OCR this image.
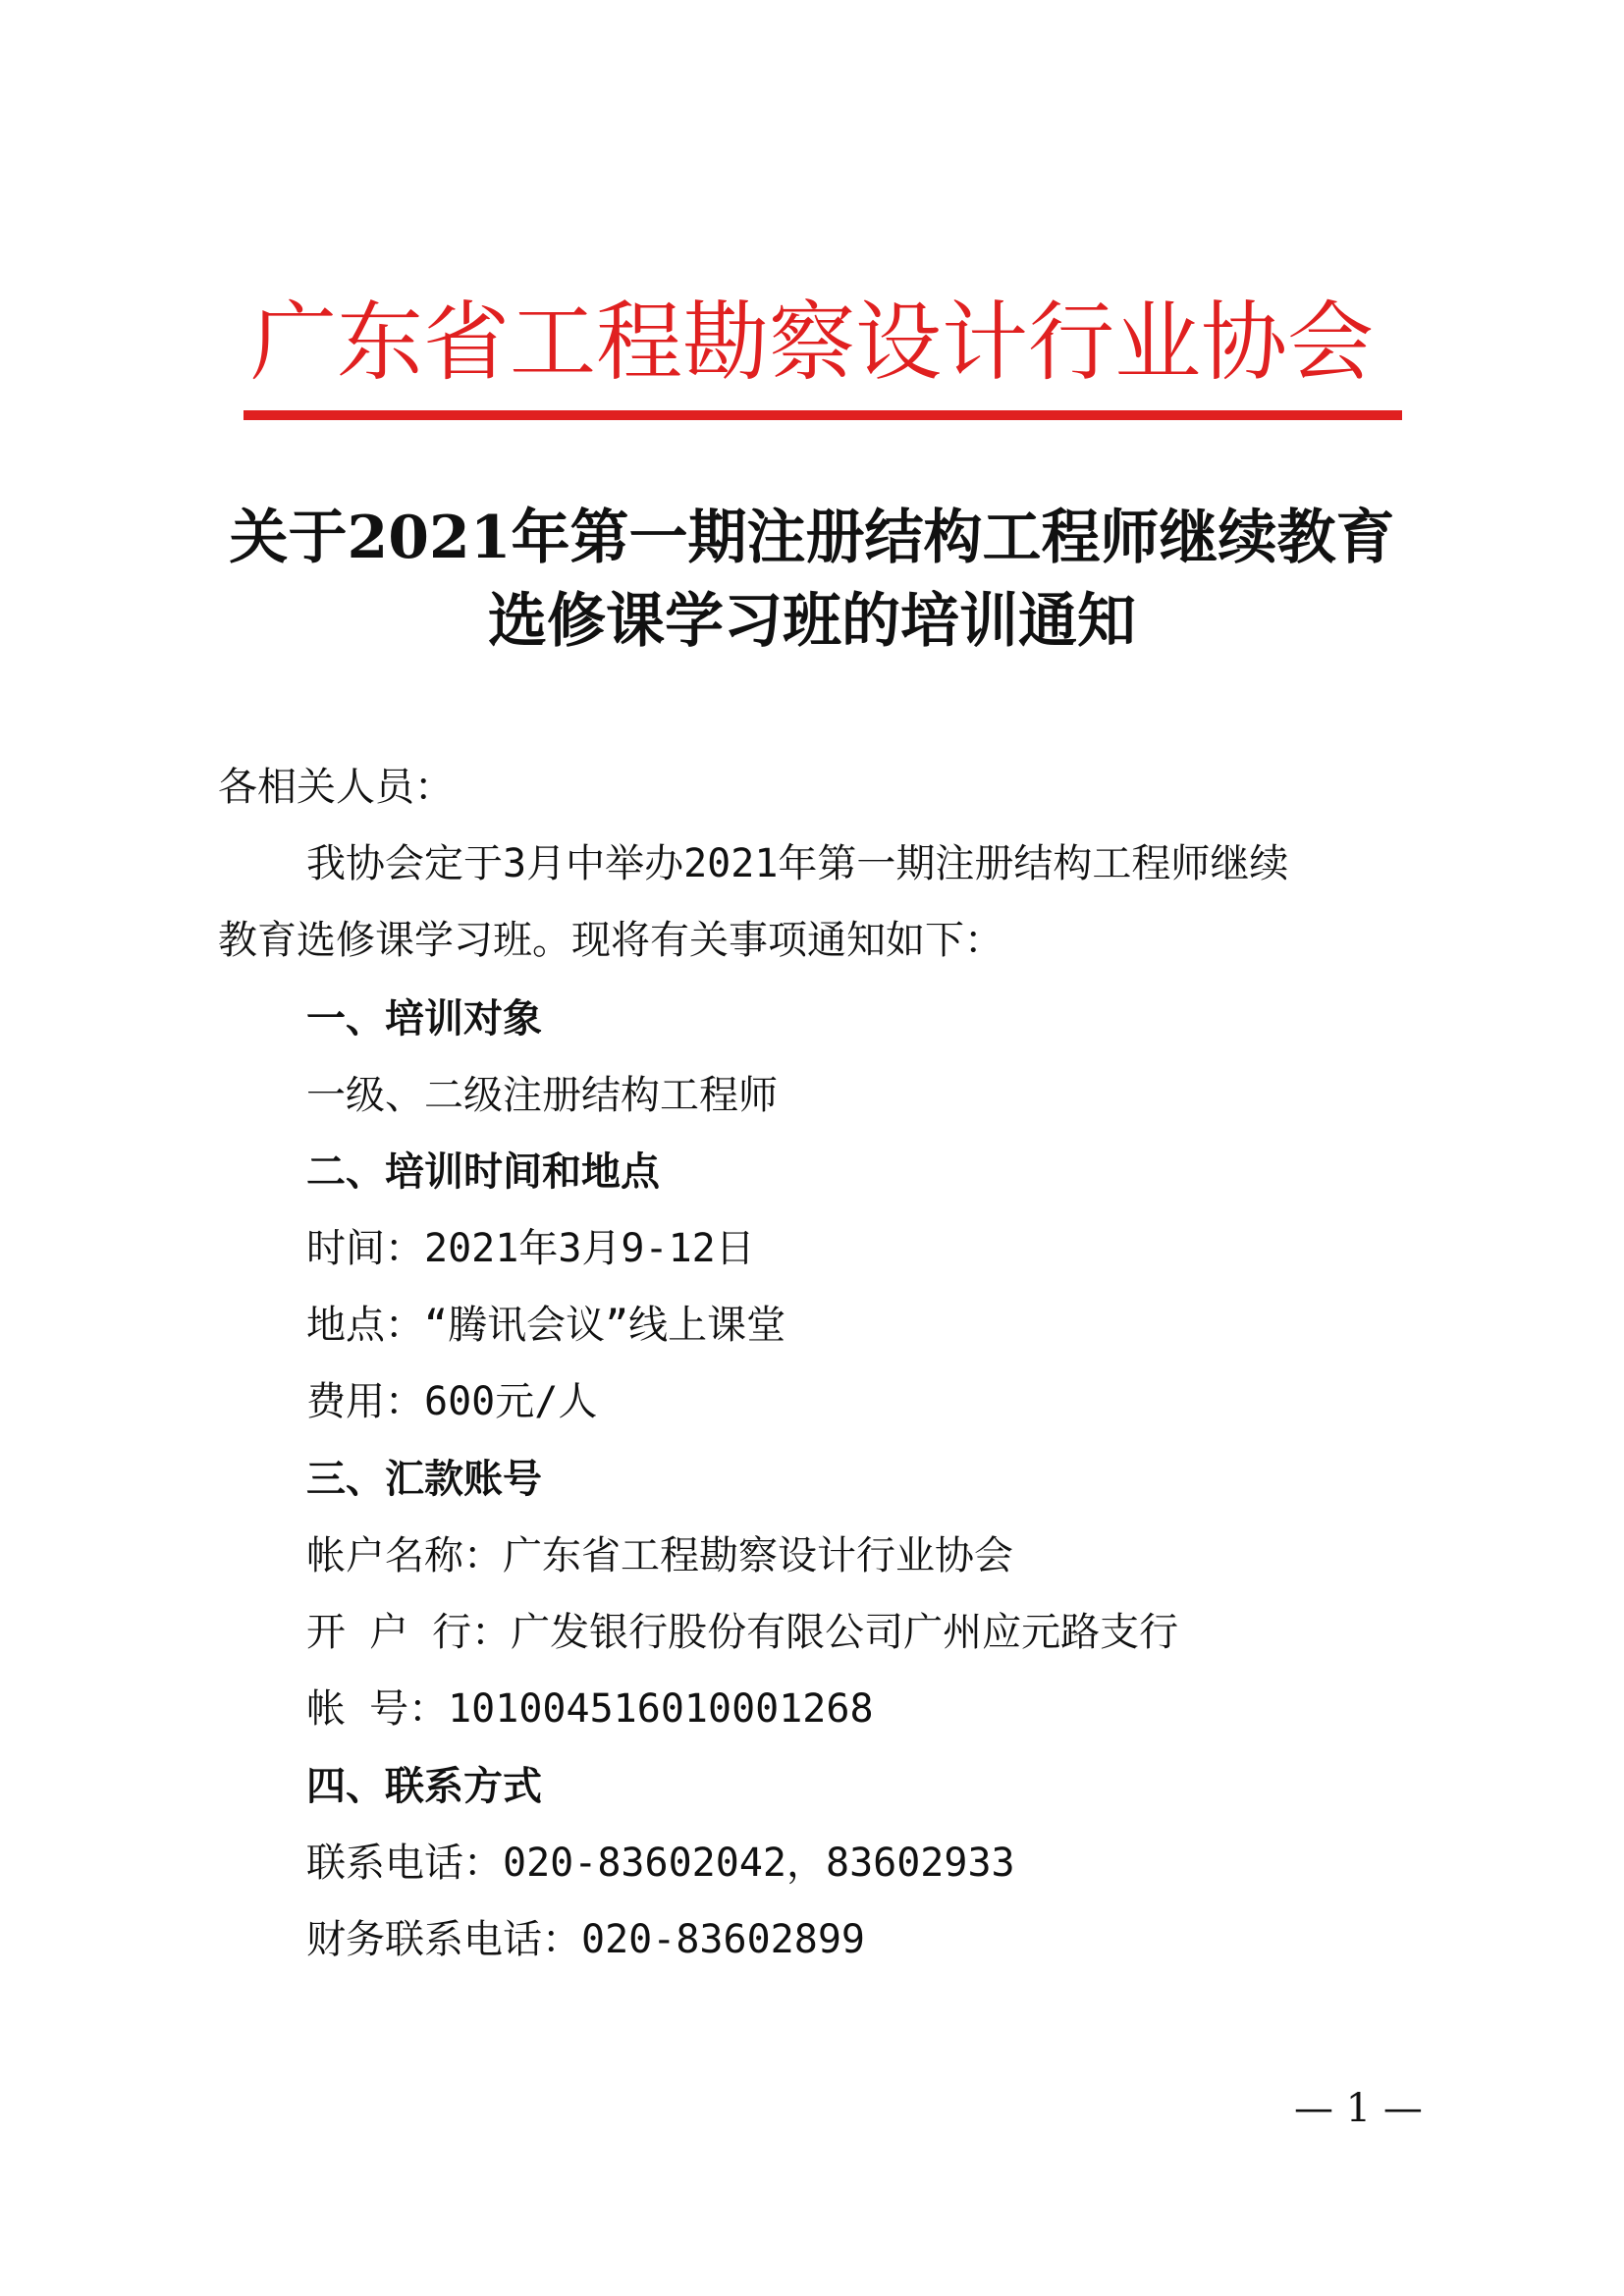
广东省工程勘察设计行业协会
关于2021年第一期注册结构工程师继续教育
选修课学习班的培训通知
各相关人员：
我协会定于3月中举办2021年第一期注册结构工程师继续
教育选修课学习班。现将有关事项通知如下：
一、培训对象
一级、二级注册结构工程师
二、培训时间和地点
时间：2021年3月9-12日
地点：“腾讯会议”线上课堂
费用：600元/人
三、汇款账号
帐户名称：广东省工程勘察设计行业协会
开 户 行：广发银行股份有限公司广州应元路支行
帐 号：101004516010001268
四、联系方式
联系电话：020-83602042，83602933
财务联系电话：020-83602899
— 1 —
